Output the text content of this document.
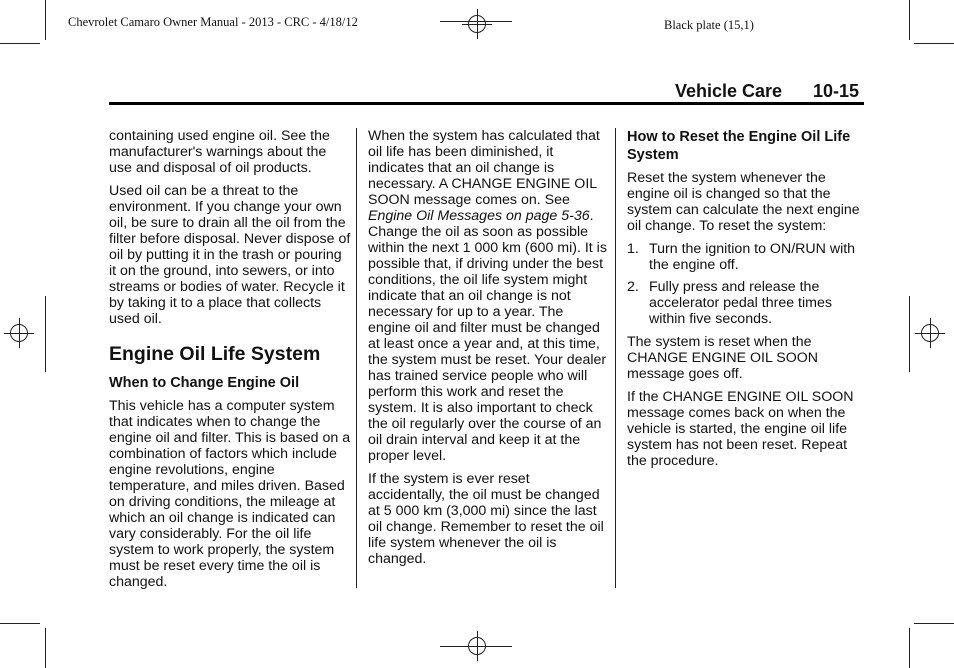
Chevrolet Camaro Owner Manual - 2013 - CRC - 4/18/12	Black plate (15,1)
Vehicle Care 10-15

containing used engine oil. See the manufacturer's warnings about the use and disposal of oil products.

Used oil can be a threat to the environment. If you change your own oil, be sure to drain all the oil from the filter before disposal. Never dispose of oil by putting it in the trash or pouring it on the ground, into sewers, or into streams or bodies of water. Recycle it by taking it to a place that collects used oil.

Engine Oil Life System
When to Change Engine Oil

This vehicle has a computer system that indicates when to change the engine oil and filter. This is based on a combination of factors which include engine revolutions, engine temperature, and miles driven. Based on driving conditions, the mileage at which an oil change is indicated can vary considerably. For the oil life system to work properly, the system must be reset every time the oil is changed.

When the system has calculated that oil life has been diminished, it indicates that an oil change is necessary. A CHANGE ENGINE OIL SOON message comes on. See Engine Oil Messages on page 5-36. Change the oil as soon as possible within the next 1 000 km (600 mi). It is possible that, if driving under the best conditions, the oil life system might indicate that an oil change is not necessary for up to a year. The engine oil and filter must be changed at least once a year and, at this time, the system must be reset. Your dealer has trained service people who will perform this work and reset the system. It is also important to check the oil regularly over the course of an oil drain interval and keep it at the proper level.

If the system is ever reset accidentally, the oil must be changed at 5 000 km (3,000 mi) since the last oil change. Remember to reset the oil life system whenever the oil is changed.

How to Reset the Engine Oil Life System

Reset the system whenever the engine oil is changed so that the system can calculate the next engine oil change. To reset the system:

1. Turn the ignition to ON/RUN with the engine off.
2. Fully press and release the accelerator pedal three times within five seconds.

The system is reset when the CHANGE ENGINE OIL SOON message goes off.

If the CHANGE ENGINE OIL SOON message comes back on when the vehicle is started, the engine oil life system has not been reset. Repeat the procedure.
